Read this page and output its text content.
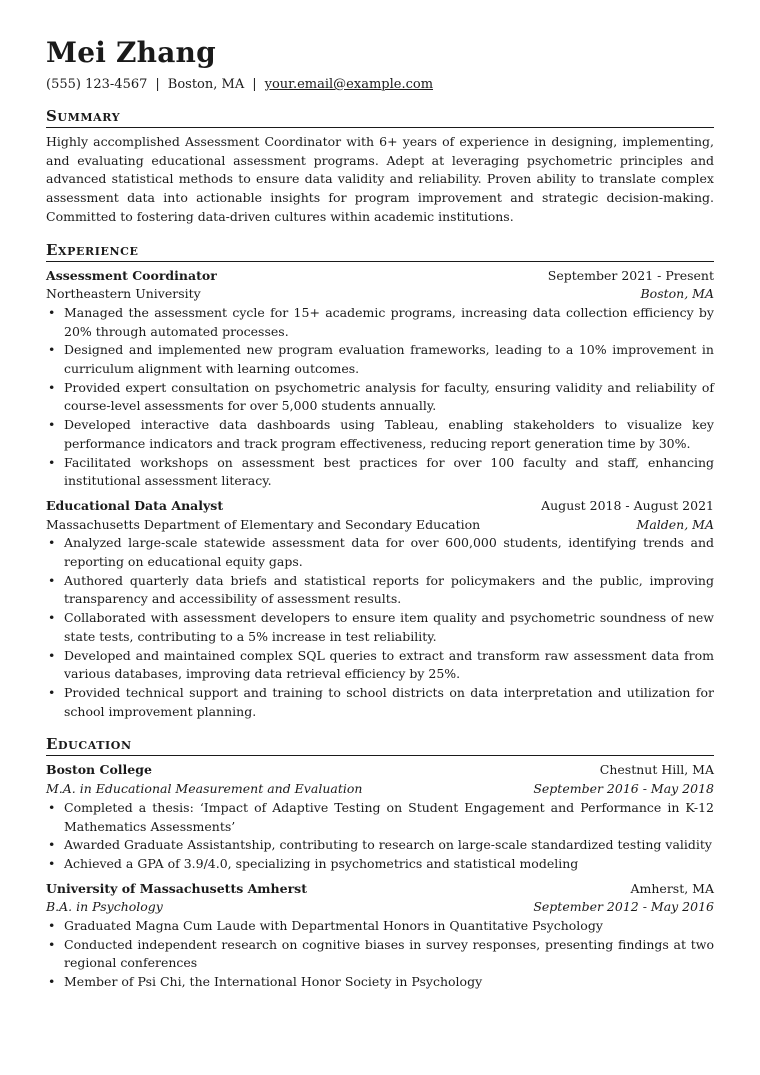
Mei Zhang
(555) 123-4567 | Boston, MA | your.email@example.com
Summary
Highly accomplished Assessment Coordinator with 6+ years of experience in designing, implementing, and evaluating educational assessment programs. Adept at leveraging psychometric principles and advanced statistical methods to ensure data validity and reliability. Proven ability to translate complex assessment data into actionable insights for program improvement and strategic decision-making. Committed to fostering data-driven cultures within academic institutions.
Experience
Assessment Coordinator	September 2021 - Present
Northeastern University	Boston, MA
• Managed the assessment cycle for 15+ academic programs, increasing data collection efficiency by 20% through automated processes.
• Designed and implemented new program evaluation frameworks, leading to a 10% improvement in curriculum alignment with learning outcomes.
• Provided expert consultation on psychometric analysis for faculty, ensuring validity and reliability of course-level assessments for over 5,000 students annually.
• Developed interactive data dashboards using Tableau, enabling stakeholders to visualize key performance indicators and track program effectiveness, reducing report generation time by 30%.
• Facilitated workshops on assessment best practices for over 100 faculty and staff, enhancing institutional assessment literacy.
Educational Data Analyst	August 2018 - August 2021
Massachusetts Department of Elementary and Secondary Education	Malden, MA
• Analyzed large-scale statewide assessment data for over 600,000 students, identifying trends and reporting on educational equity gaps.
• Authored quarterly data briefs and statistical reports for policymakers and the public, improving transparency and accessibility of assessment results.
• Collaborated with assessment developers to ensure item quality and psychometric soundness of new state tests, contributing to a 5% increase in test reliability.
• Developed and maintained complex SQL queries to extract and transform raw assessment data from various databases, improving data retrieval efficiency by 25%.
• Provided technical support and training to school districts on data interpretation and utilization for school improvement planning.
Education
Boston College	Chestnut Hill, MA
M.A. in Educational Measurement and Evaluation	September 2016 - May 2018
• Completed a thesis: ‘Impact of Adaptive Testing on Student Engagement and Performance in K-12 Mathematics Assessments’
• Awarded Graduate Assistantship, contributing to research on large-scale standardized testing validity
• Achieved a GPA of 3.9/4.0, specializing in psychometrics and statistical modeling
University of Massachusetts Amherst	Amherst, MA
B.A. in Psychology	September 2012 - May 2016
• Graduated Magna Cum Laude with Departmental Honors in Quantitative Psychology
• Conducted independent research on cognitive biases in survey responses, presenting findings at two regional conferences
• Member of Psi Chi, the International Honor Society in Psychology
